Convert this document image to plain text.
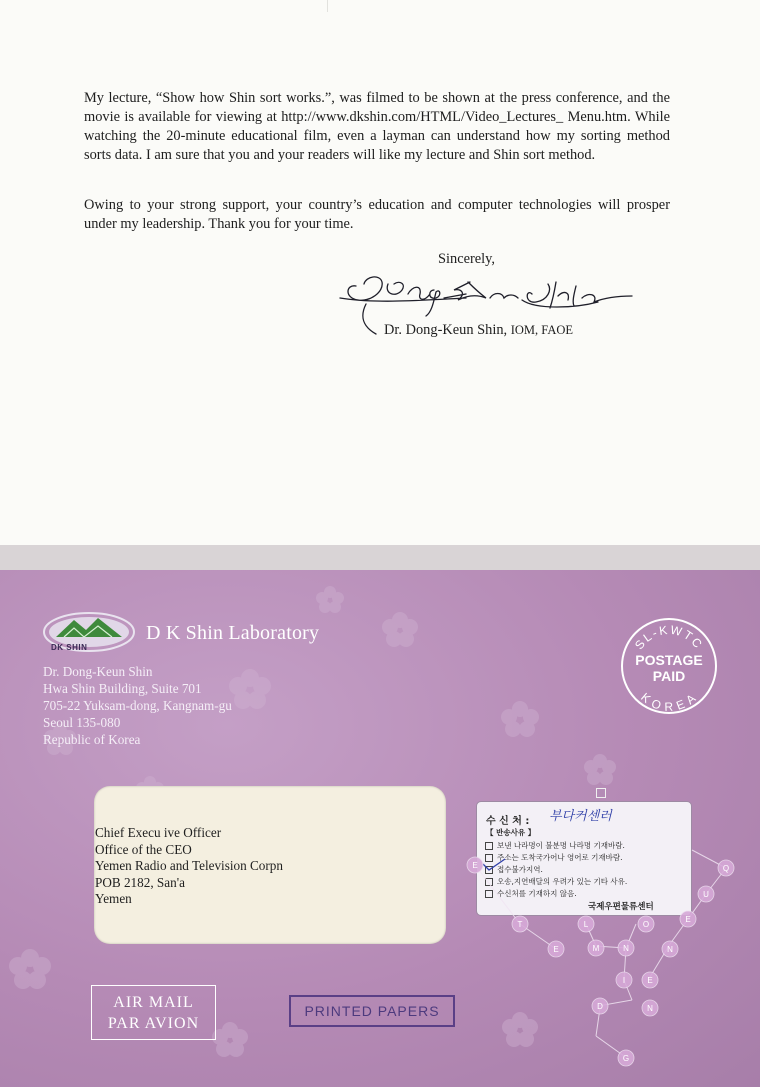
My lecture, “Show how Shin sort works.”, was filmed to be shown at the press conference, and the movie is available for viewing at http://www.dkshin.com/HTML/Video_Lectures_ Menu.htm. While watching the 20-minute educational film, even a layman can understand how my sorting method sorts data. I am sure that you and your readers will like my lecture and Shin sort method.

Owing to your strong support, your country’s education and computer technologies will prosper under my leadership. Thank you for your time.

Sincerely,
Dr. Dong-Keun Shin, IOM, FAOE
DK SHIN
D K Shin Laboratory
Dr. Dong-Keun Shin
Hwa Shin Building, Suite 701
705-22 Yuksam-dong, Kangnam-gu
Seoul 135-080
Republic of Korea
SL-KWTC
KOREA
POSTAGE
PAID
Chief Execu ive Officer
Office of the CEO
Yemen Radio and Television Corpn
POB 2182, San'a
Yemen
수 신 처 : 부다커센러
【 반송사유 】
보낸 나라명이 불분명 나라명 기재바람.
주소는 도착국가어나 영어로 기재바람.
접수불가지역.
오송,지연배달의 우려가 있는 기타 사유.
수신처를 기재하지 않음.
국제우편물류센터
E	Q
T	L	O
U
E
M	N
E	N
I	E
D	N
G
AIR MAIL
PAR AVION
PRINTED PAPERS
